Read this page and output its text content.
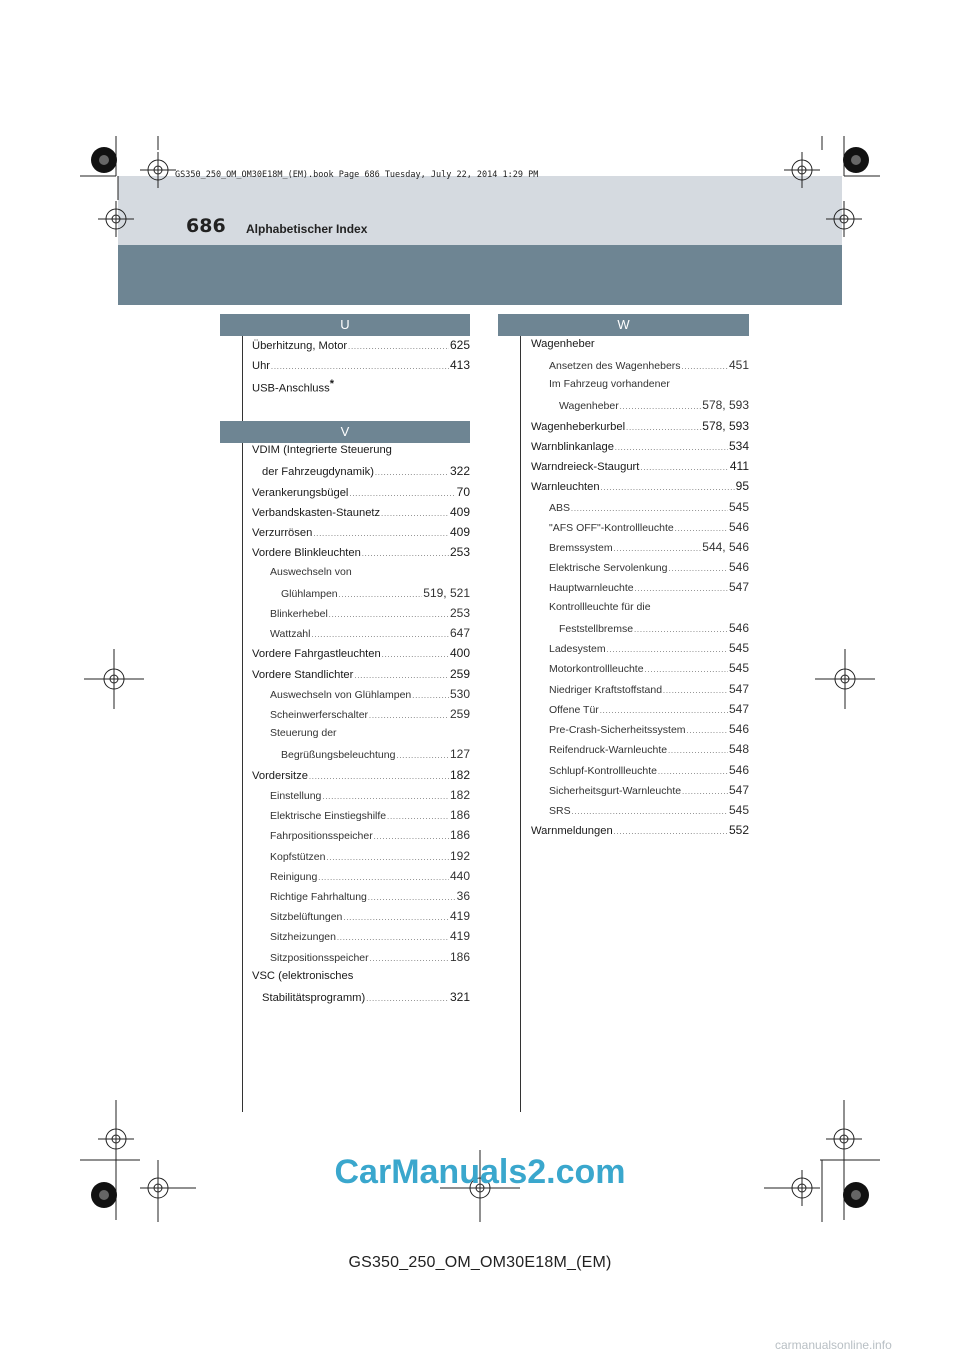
GS350_250_OM_OM30E18M_(EM).book Page 686 Tuesday, July 22, 2014 1:29 PM
686 Alphabetischer Index
U
V
W
Überhitzung, Motor .....	625
Uhr .....	413
USB-Anschluss*
VDIM (Integrierte Steuerung
der Fahrzeugdynamik) .....	322
Verankerungsbügel .....	70
Verbandskasten-Staunetz .....	409
Verzurrösen .....	409
Vordere Blinkleuchten .....	253
Auswechseln von
Glühlampen .....	519, 521
Blinkerhebel .....	253
Wattzahl .....	647
Vordere Fahrgastleuchten .....	400
Vordere Standlichter .....	259
Auswechseln von Glühlampen .....	530
Scheinwerferschalter .....	259
Steuerung der
Begrüßungsbeleuchtung .....	127
Vordersitze .....	182
Einstellung .....	182
Elektrische Einstiegshilfe .....	186
Fahrpositionsspeicher .....	186
Kopfstützen .....	192
Reinigung .....	440
Richtige Fahrhaltung .....	36
Sitzbelüftungen .....	419
Sitzheizungen .....	419
Sitzpositionsspeicher .....	186
VSC (elektronisches
Stabilitätsprogramm) .....	321
Wagenheber
Ansetzen des Wagenhebers .....	451
Im Fahrzeug vorhandener
Wagenheber .....	578, 593
Wagenheberkurbel .....	578, 593
Warnblinkanlage .....	534
Warndreieck-Staugurt .....	411
Warnleuchten .....	95
ABS .....	545
"AFS OFF"-Kontrollleuchte .....	546
Bremssystem .....	544, 546
Elektrische Servolenkung .....	546
Hauptwarnleuchte .....	547
Kontrollleuchte für die
Feststellbremse .....	546
Ladesystem .....	545
Motorkontrollleuchte .....	545
Niedriger Kraftstoffstand .....	547
Offene Tür .....	547
Pre-Crash-Sicherheitssystem .....	546
Reifendruck-Warnleuchte .....	548
Schlupf-Kontrollleuchte .....	546
Sicherheitsgurt-Warnleuchte .....	547
SRS .....	545
Warnmeldungen .....	552
CarManuals2.com
GS350_250_OM_OM30E18M_(EM)
carmanualsonline.info
